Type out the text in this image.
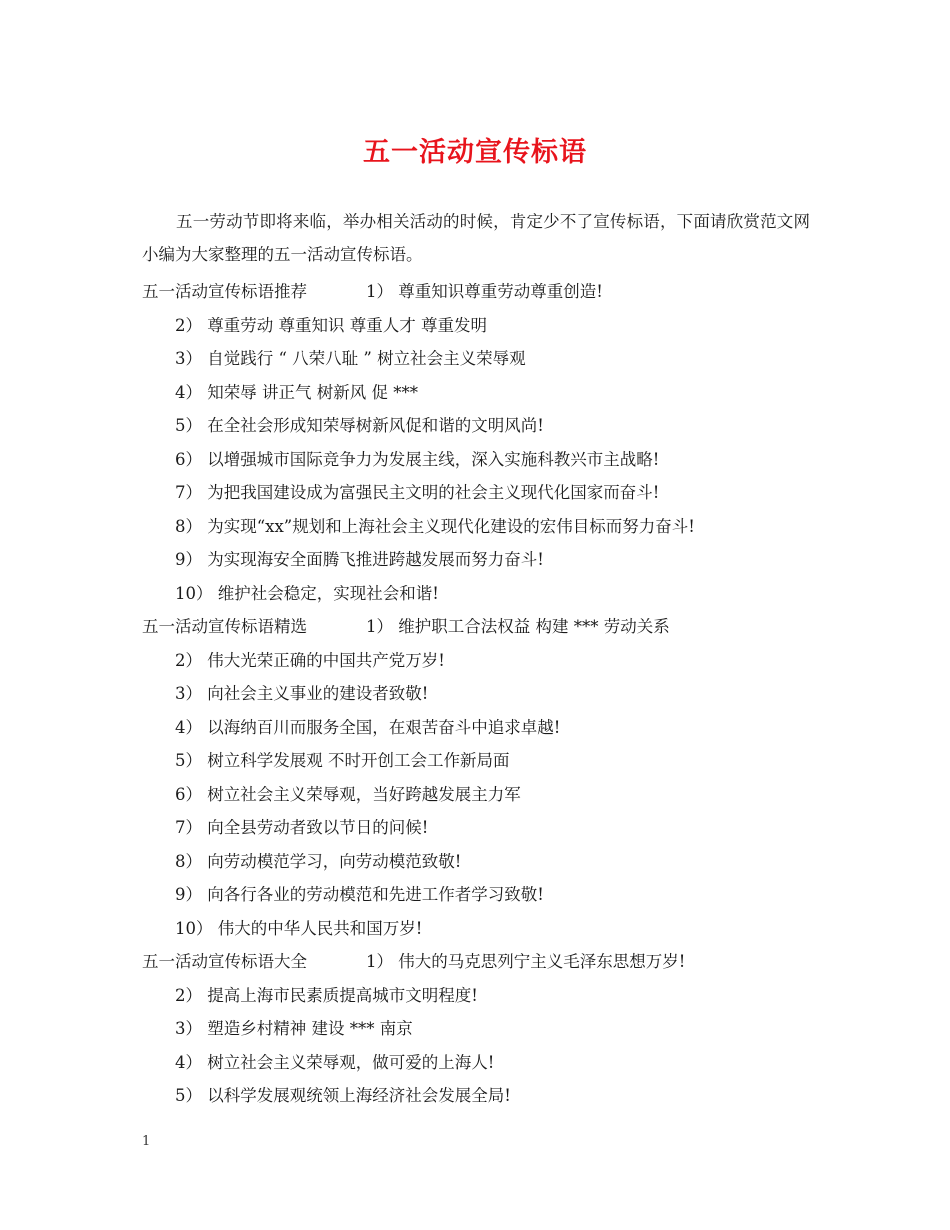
五一活动宣传标语
五一劳动节即将来临，举办相关活动的时候，肯定少不了宣传标语，下面请欣赏范文网小编为大家整理的五一活动宣传标语。
五一活动宣传标语推荐	1） 尊重知识尊重劳动尊重创造!
2） 尊重劳动 尊重知识 尊重人才 尊重发明
3） 自觉践行 “ 八荣八耻 ” 树立社会主义荣辱观
4） 知荣辱 讲正气 树新风 促 ***
5） 在全社会形成知荣辱树新风促和谐的文明风尚!
6） 以增强城市国际竞争力为发展主线，深入实施科教兴市主战略!
7） 为把我国建设成为富强民主文明的社会主义现代化国家而奋斗!
8） 为实现“xx”规划和上海社会主义现代化建设的宏伟目标而努力奋斗!
9） 为实现海安全面腾飞推进跨越发展而努力奋斗!
10） 维护社会稳定，实现社会和谐!
五一活动宣传标语精选	1） 维护职工合法权益 构建 *** 劳动关系
2） 伟大光荣正确的中国共产党万岁!
3） 向社会主义事业的建设者致敬!
4） 以海纳百川而服务全国，在艰苦奋斗中追求卓越!
5） 树立科学发展观 不时开创工会工作新局面
6） 树立社会主义荣辱观，当好跨越发展主力军
7） 向全县劳动者致以节日的问候!
8） 向劳动模范学习，向劳动模范致敬!
9） 向各行各业的劳动模范和先进工作者学习致敬!
10） 伟大的中华人民共和国万岁!
五一活动宣传标语大全	1） 伟大的马克思列宁主义毛泽东思想万岁!
2） 提高上海市民素质提高城市文明程度!
3） 塑造乡村精神 建设 *** 南京
4） 树立社会主义荣辱观，做可爱的上海人!
5） 以科学发展观统领上海经济社会发展全局!
1
